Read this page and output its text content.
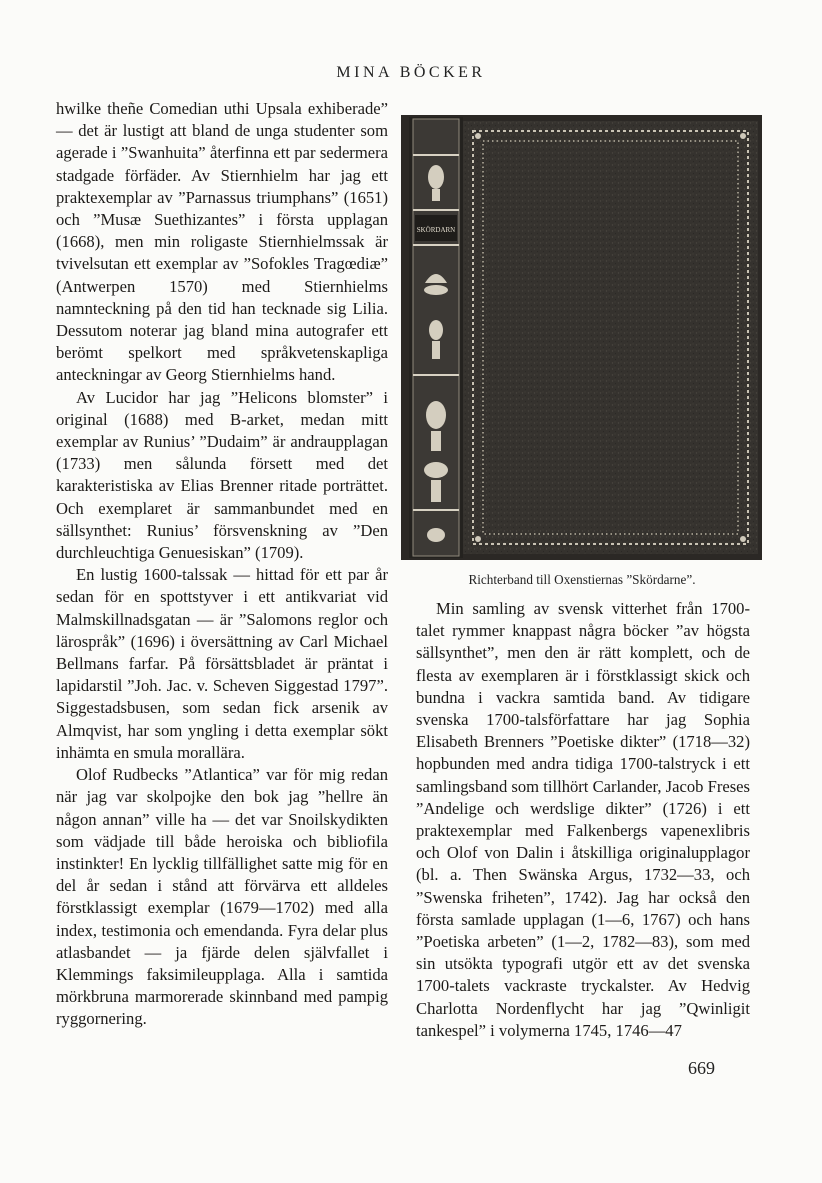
MINA BÖCKER

hwilke theñe Comedian uthi Upsala exhiberade” — det är lustigt att bland de unga studenter som agerade i ”Swanhuita” återfinna ett par sedermera stadgade förfäder. Av Stiernhielm har jag ett praktexemplar av ”Parnassus triumphans” (1651) och ”Musæ Suethizantes” i första upplagan (1668), men min roligaste Stiernhielmssak är tvivelsutan ett exemplar av ”Sofokles Tragœdiæ” (Antwerpen 1570) med Stiernhielms namnteckning på den tid han tecknade sig Lilia. Dessutom noterar jag bland mina autografer ett berömt spelkort med språkvetenskapliga anteckningar av Georg Stiernhielms hand.

Av Lucidor har jag ”Helicons blomster” i original (1688) med B-arket, medan mitt exemplar av Runius’ ”Dudaim” är andraupplagan (1733) men sålunda försett med det karakteristiska av Elias Brenner ritade porträttet. Och exemplaret är sammanbundet med en sällsynthet: Runius’ försvenskning av ”Den durchleuchtiga Genuesiskan” (1709).

En lustig 1600-talssak — hittad för ett par år sedan för en spottstyver i ett antikvariat vid Malmskillnadsgatan — är ”Salomons reglor och lärospråk” (1696) i översättning av Carl Michael Bellmans farfar. På försättsbladet är präntat i lapidarstil ”Joh. Jac. v. Scheven Siggestad 1797”. Siggestadsbusen, som sedan fick arsenik av Almqvist, har som yngling i detta exemplar sökt inhämta en smula morallära.

Olof Rudbecks ”Atlantica” var för mig redan när jag var skolpojke den bok jag ”hellre än någon annan” ville ha — det var Snoilskydikten som vädjade till både heroiska och bibliofila instinkter! En lycklig tillfällighet satte mig för en del år sedan i stånd att förvärva ett alldeles förstklassigt exemplar (1679—1702) med alla index, testimonia och emendanda. Fyra delar plus atlasbandet — ja fjärde delen självfallet i Klemmings faksimileupplaga. Alla i samtida mörkbruna marmorerade skinnband med pampig ryggornering.

SKÖRDARN
Richterband till Oxenstiernas ”Skördarne”.

Min samling av svensk vitterhet från 1700-talet rymmer knappast några böcker ”av högsta sällsynthet”, men den är rätt komplett, och de flesta av exemplaren är i förstklassigt skick och bundna i vackra samtida band. Av tidigare svenska 1700-talsförfattare har jag Sophia Elisabeth Brenners ”Poetiske dikter” (1718—32) hopbunden med andra tidiga 1700-talstryck i ett samlingsband som tillhört Carlander, Jacob Freses ”Andelige och werdslige dikter” (1726) i ett praktexemplar med Falkenbergs vapenexlibris och Olof von Dalin i åtskilliga originalupplagor (bl. a. Then Swänska Argus, 1732—33, och ”Swenska friheten”, 1742). Jag har också den första samlade upplagan (1—6, 1767) och hans ”Poetiska arbeten” (1—2, 1782—83), som med sin utsökta typografi utgör ett av det svenska 1700-talets vackraste tryckalster. Av Hedvig Charlotta Nordenflycht har jag ”Qwinligit tankespel” i volymerna 1745, 1746—47

669
